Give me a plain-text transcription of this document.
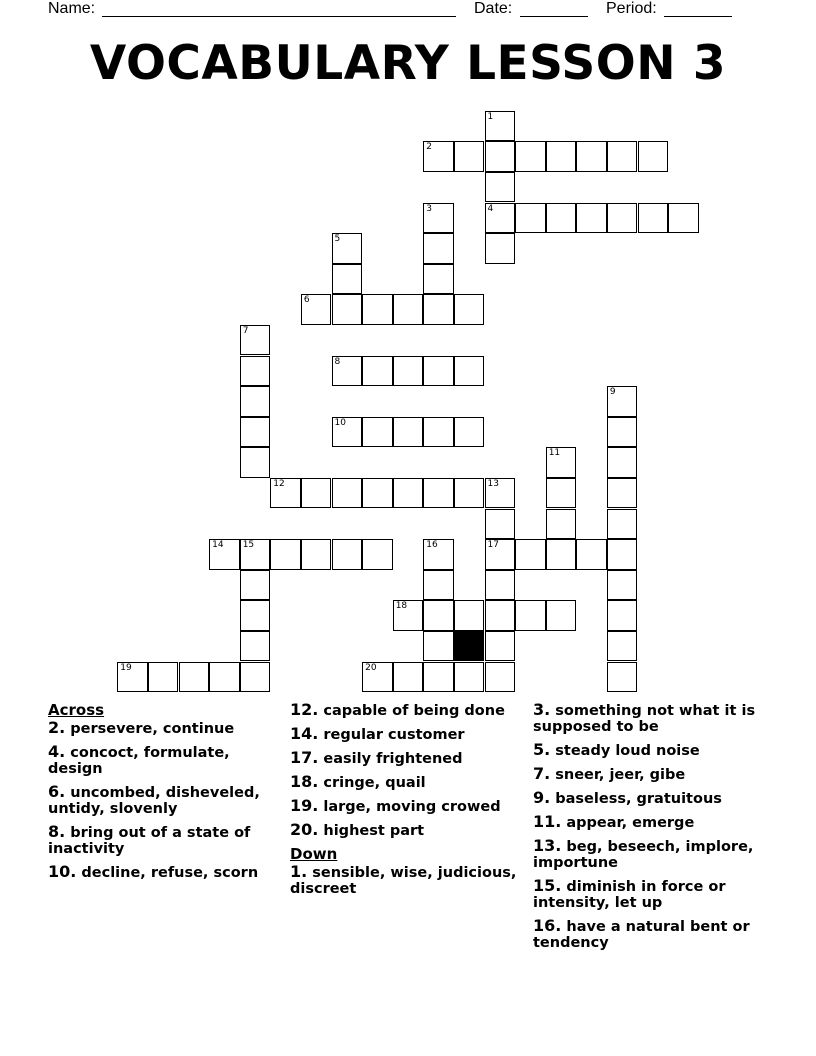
Name:	Date:	Period:
VOCABULARY LESSON 3
1
2
3	4
5
6
7
8
9
10
11
12	13
14 15	16	17
18
19	20
Across
2. persevere, continue
4. concoct, formulate, design
6. uncombed, disheveled, untidy, slovenly
8. bring out of a state of inactivity
10. decline, refuse, scorn
12. capable of being done
14. regular customer
17. easily frightened
18. cringe, quail
19. large, moving crowed
20. highest part
Down
1. sensible, wise, judicious, discreet
3. something not what it is supposed to be
5. steady loud noise
7. sneer, jeer, gibe
9. baseless, gratuitous
11. appear, emerge
13. beg, beseech, implore, importune
15. diminish in force or intensity, let up
16. have a natural bent or tendency
